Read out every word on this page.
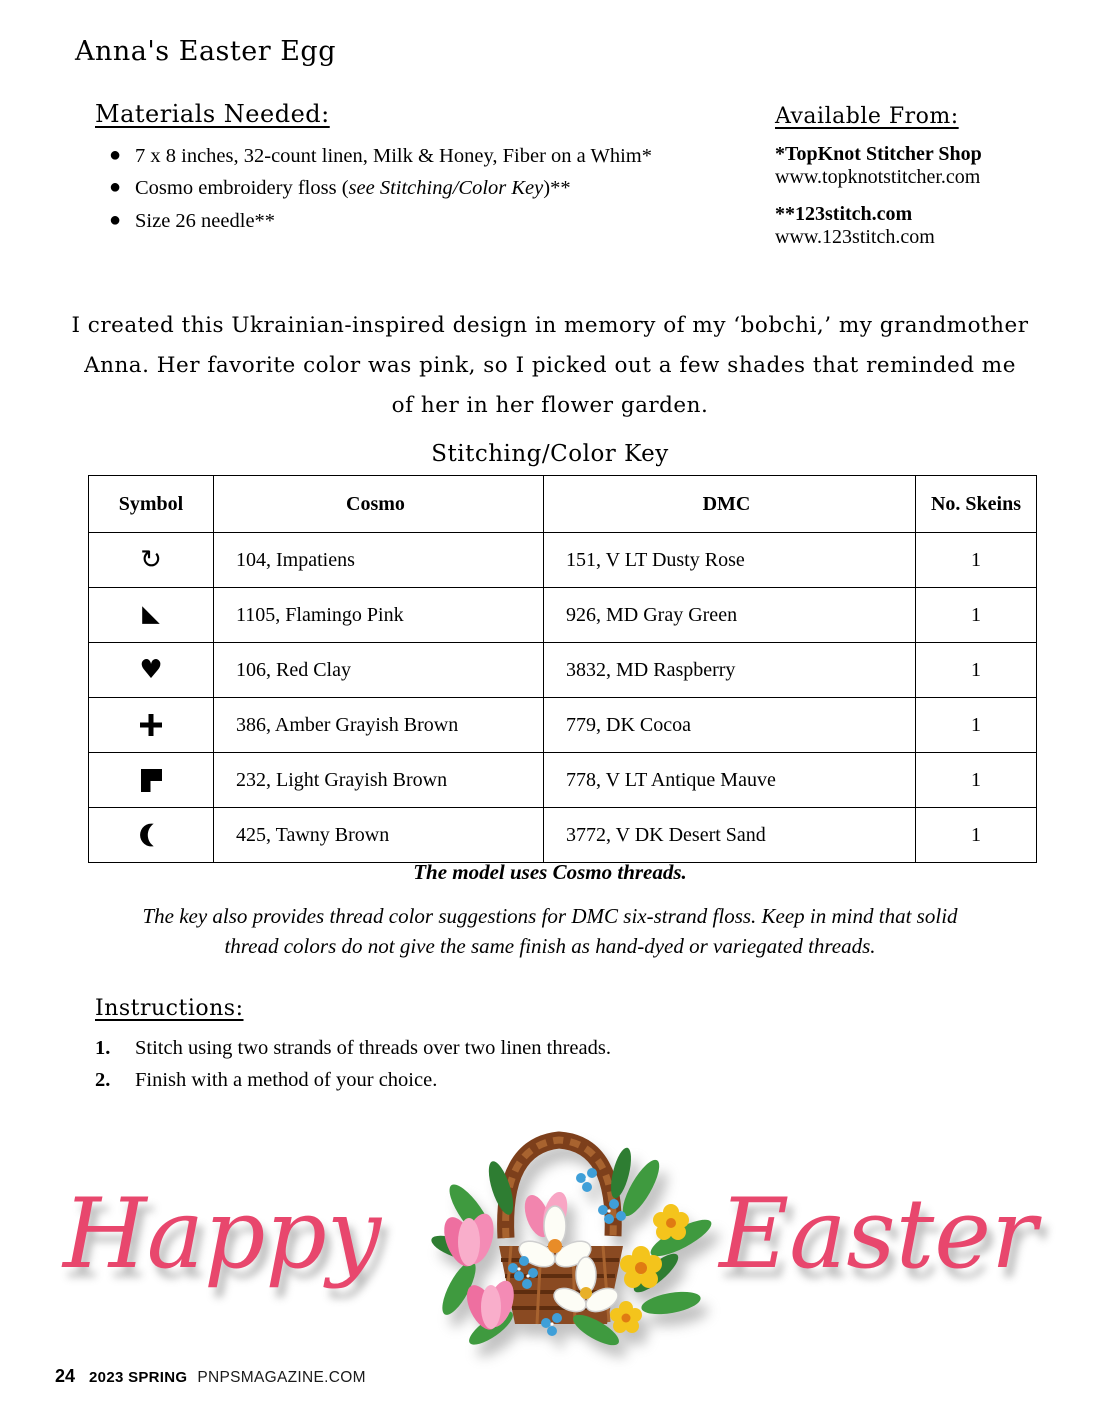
Anna's Easter Egg
Materials Needed:
● 7 x 8 inches, 32-count linen, Milk & Honey, Fiber on a Whim*
● Cosmo embroidery floss (see Stitching/Color Key)**
● Size 26 needle**
Available From:
*TopKnot Stitcher Shop
www.topknotstitcher.com
**123stitch.com
www.123stitch.com
I created this Ukrainian-inspired design in memory of my ‘bobchi,’ my grandmother Anna. Her favorite color was pink, so I picked out a few shades that reminded me of her in her flower garden.
Stitching/Color Key
Symbol	Cosmo	DMC	No. Skeins
↻	104, Impatiens	151, V LT Dusty Rose	1
◣	1105, Flamingo Pink	926, MD Gray Green	1
♥	106, Red Clay	3832, MD Raspberry	1
	386, Amber Grayish Brown	779, DK Cocoa	1
	232, Light Grayish Brown	778, V LT Antique Mauve	1
	425, Tawny Brown	3772, V DK Desert Sand	1
The model uses Cosmo threads.
The key also provides thread color suggestions for DMC six-strand floss. Keep in mind that solid thread colors do not give the same finish as hand-dyed or variegated threads.
Instructions:
1.	Stitch using two strands of threads over two linen threads.
2.	Finish with a method of your choice.
Happy	Easter
24 2023 SPRING PNPSMAGAZINE.COM
